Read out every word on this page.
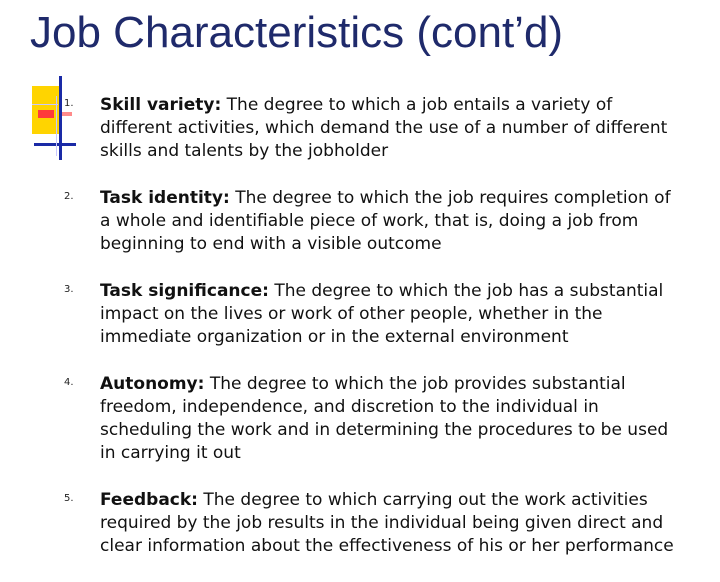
Job Characteristics (cont’d)
1. Skill variety: The degree to which a job entails a variety of different activities, which demand the use of a number of different skills and talents by the jobholder
2. Task identity: The degree to which the job requires completion of a whole and identifiable piece of work, that is, doing a job from beginning to end with a visible outcome
3. Task significance: The degree to which the job has a substantial impact on the lives or work of other people, whether in the immediate organization or in the external environment
4. Autonomy: The degree to which the job provides substantial freedom, independence, and discretion to the individual in scheduling the work and in determining the procedures to be used in carrying it out
5. Feedback: The degree to which carrying out the work activities required by the job results in the individual being given direct and clear information about the effectiveness of his or her performance
